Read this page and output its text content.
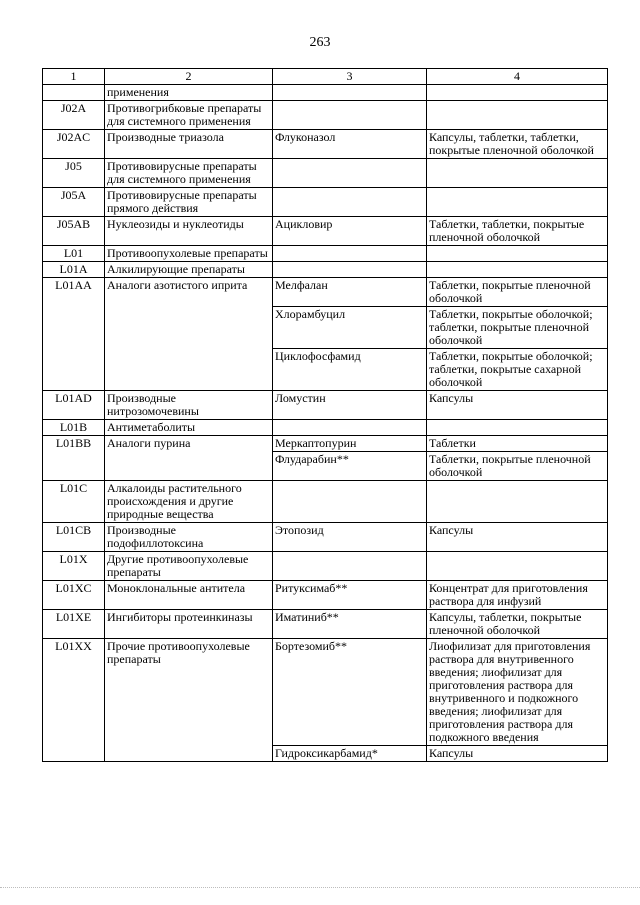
263
1	2	3	4
	применения		
J02A	Противогрибковые препараты для системного применения		
J02AC	Производные триазола	Флуконазол	Капсулы, таблетки, таблетки, покрытые пленочной оболочкой
J05	Противовирусные препараты для системного применения		
J05A	Противовирусные препараты прямого действия		
J05AB	Нуклеозиды и нуклеотиды	Ацикловир	Таблетки, таблетки, покрытые пленочной оболочкой
L01	Противоопухолевые препараты		
L01A	Алкилирующие препараты		
L01AA	Аналоги азотистого иприта	Мелфалан	Таблетки, покрытые пленочной оболочкой
		Хлорамбуцил	Таблетки, покрытые оболочкой; таблетки, покрытые пленочной оболочкой
		Циклофосфамид	Таблетки, покрытые оболочкой; таблетки, покрытые сахарной оболочкой
L01AD	Производные нитрозомочевины	Ломустин	Капсулы
L01B	Антиметаболиты		
L01BB	Аналоги пурина	Меркаптопурин	Таблетки
		Флударабин**	Таблетки, покрытые пленочной оболочкой
L01C	Алкалоиды растительного происхождения и другие природные вещества		
L01CB	Производные подофиллотоксина	Этопозид	Капсулы
L01X	Другие противоопухолевые препараты		
L01XC	Моноклональные антитела	Ритуксимаб**	Концентрат для приготовления раствора для инфузий
L01XE	Ингибиторы протеинкиназы	Иматиниб**	Капсулы, таблетки, покрытые пленочной оболочкой
L01XX	Прочие противоопухолевые препараты	Бортезомиб**	Лиофилизат для приготовления раствора для внутривенного введения; лиофилизат для приготовления раствора для внутривенного и подкожного введения; лиофилизат для приготовления раствора для подкожного введения
		Гидроксикарбамид*	Капсулы
